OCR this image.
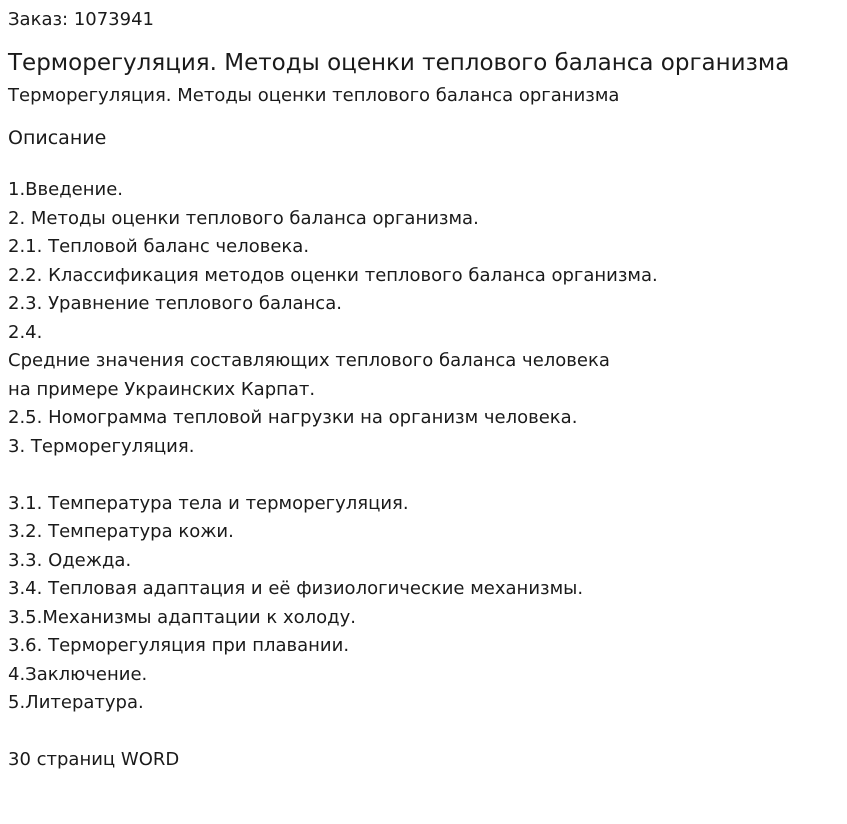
Заказ: 1073941

Терморегуляция. Методы оценки теплового баланса организма
Терморегуляция. Методы оценки теплового баланса организма
Описание
1.Введение.
2. Методы оценки теплового баланса организма.
2.1. Тепловой баланс человека.
2.2. Классификация методов оценки теплового баланса организма.
2.3. Уравнение теплового баланса.
2.4.
Средние значения составляющих теплового баланса человека
на примере Украинских Карпат.
2.5. Номограмма тепловой нагрузки на организм человека.
3. Терморегуляция.
3.1. Температура тела и терморегуляция.
3.2. Температура кожи.
3.3. Одежда.
3.4. Тепловая адаптация и её физиологические механизмы.
3.5.Механизмы адаптации к холоду.
3.6. Терморегуляция при плавании.
4.Заключение.
5.Литература.

30 страниц WORD
